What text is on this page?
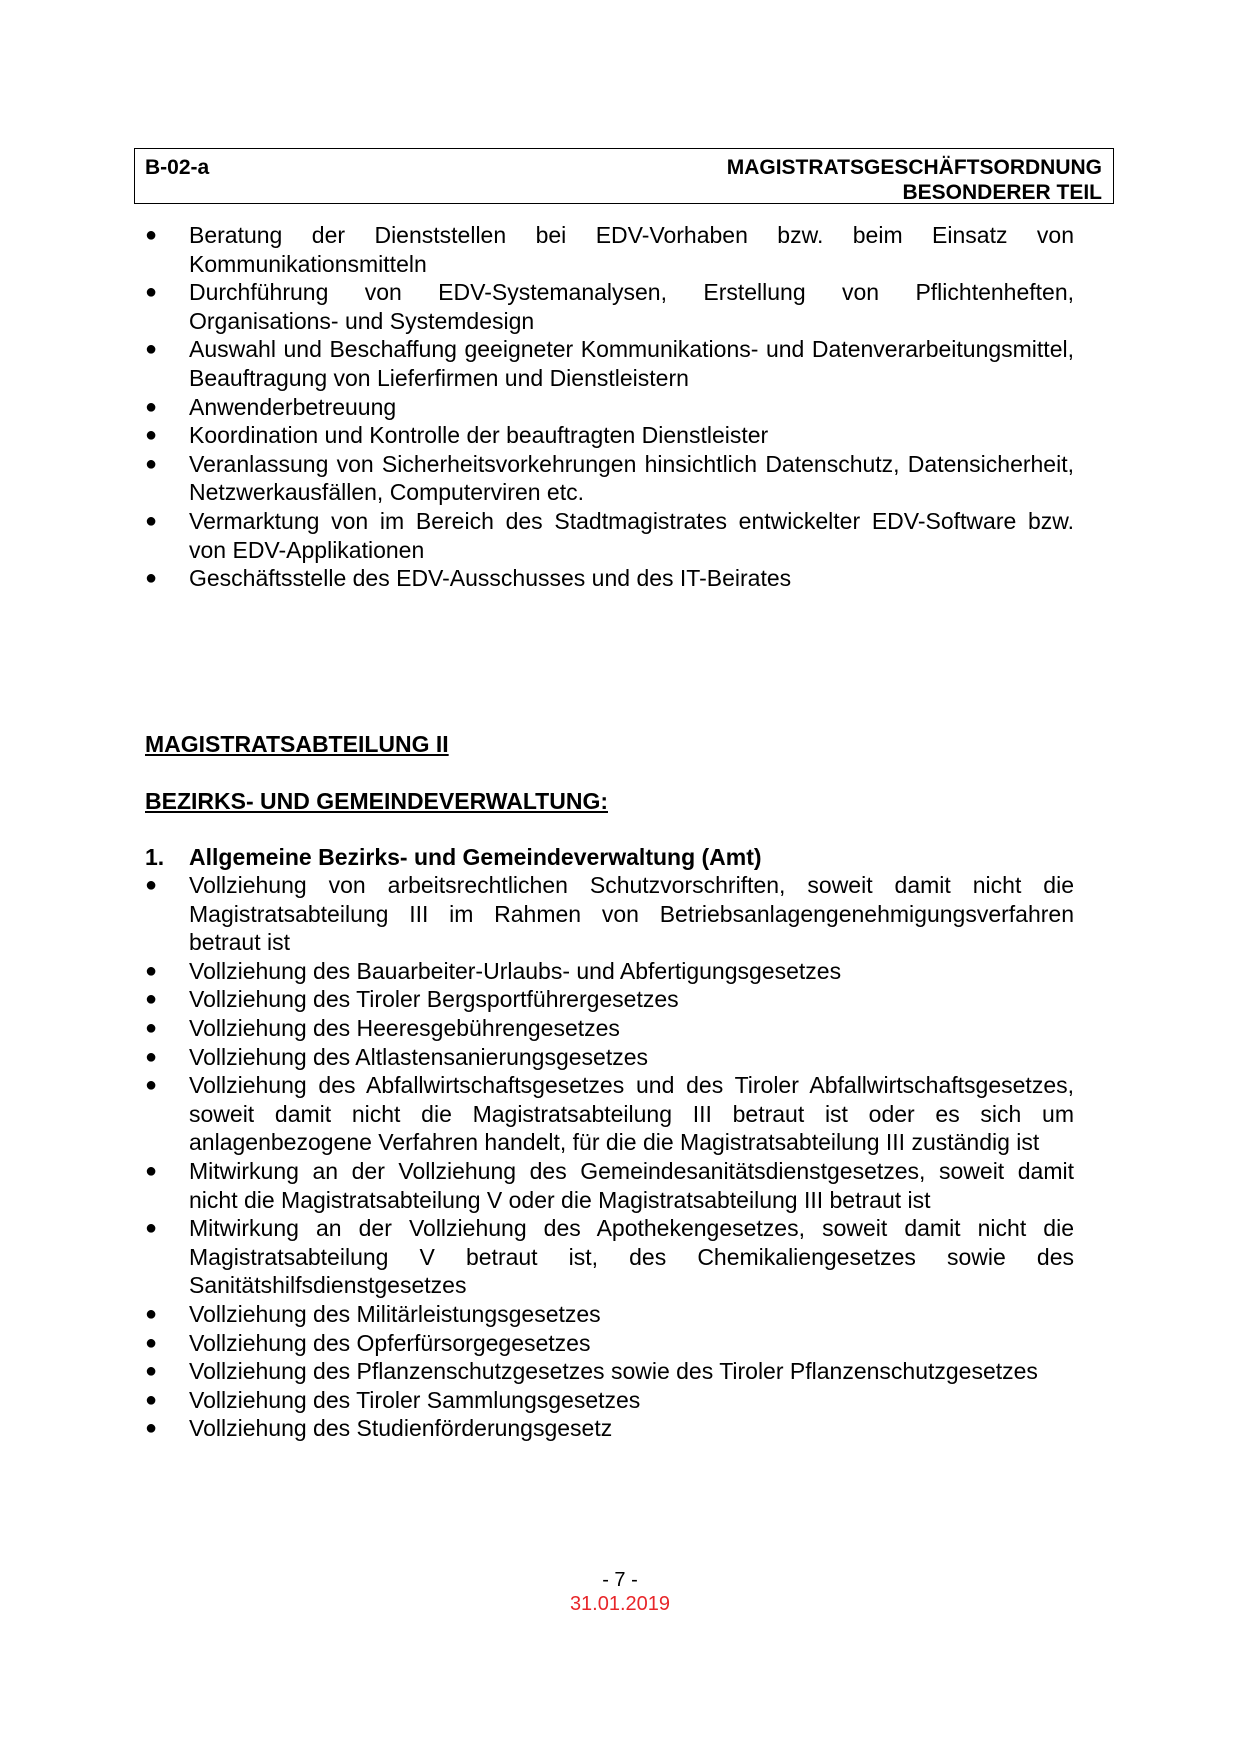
B-02-a	MAGISTRATSGESCHÄFTSORDNUNG
BESONDERER TEIL
● Beratung der Dienststellen bei EDV-Vorhaben bzw. beim Einsatz von Kommunikationsmitteln
● Durchführung von EDV-Systemanalysen, Erstellung von Pflichtenheften, Organisations- und Systemdesign
● Auswahl und Beschaffung geeigneter Kommunikations- und Datenverarbeitungsmittel, Beauftragung von Lieferfirmen und Dienstleistern
● Anwenderbetreuung
● Koordination und Kontrolle der beauftragten Dienstleister
● Veranlassung von Sicherheitsvorkehrungen hinsichtlich Datenschutz, Datensicherheit, Netzwerkausfällen, Computerviren etc.
● Vermarktung von im Bereich des Stadtmagistrates entwickelter EDV-Software bzw. von EDV-Applikationen
● Geschäftsstelle des EDV-Ausschusses und des IT-Beirates
MAGISTRATSABTEILUNG II
BEZIRKS- UND GEMEINDEVERWALTUNG:
1. Allgemeine Bezirks- und Gemeindeverwaltung (Amt)
● Vollziehung von arbeitsrechtlichen Schutzvorschriften, soweit damit nicht die Magistratsabteilung III im Rahmen von Betriebsanlagengenehmigungsverfahren betraut ist
● Vollziehung des Bauarbeiter-Urlaubs- und Abfertigungsgesetzes
● Vollziehung des Tiroler Bergsportführergesetzes
● Vollziehung des Heeresgebührengesetzes
● Vollziehung des Altlastensanierungsgesetzes
● Vollziehung des Abfallwirtschaftsgesetzes und des Tiroler Abfallwirtschaftsgesetzes, soweit damit nicht die Magistratsabteilung III betraut ist oder es sich um anlagenbezogene Verfahren handelt, für die die Magistratsabteilung III zuständig ist
● Mitwirkung an der Vollziehung des Gemeindesanitätsdienstgesetzes, soweit damit nicht die Magistratsabteilung V oder die Magistratsabteilung III betraut ist
● Mitwirkung an der Vollziehung des Apothekengesetzes, soweit damit nicht die Magistratsabteilung V betraut ist, des Chemikaliengesetzes sowie des Sanitätshilfsdienstgesetzes
● Vollziehung des Militärleistungsgesetzes
● Vollziehung des Opferfürsorgegesetzes
● Vollziehung des Pflanzenschutzgesetzes sowie des Tiroler Pflanzenschutzgesetzes
● Vollziehung des Tiroler Sammlungsgesetzes
● Vollziehung des Studienförderungsgesetz
- 7 -
31.01.2019
